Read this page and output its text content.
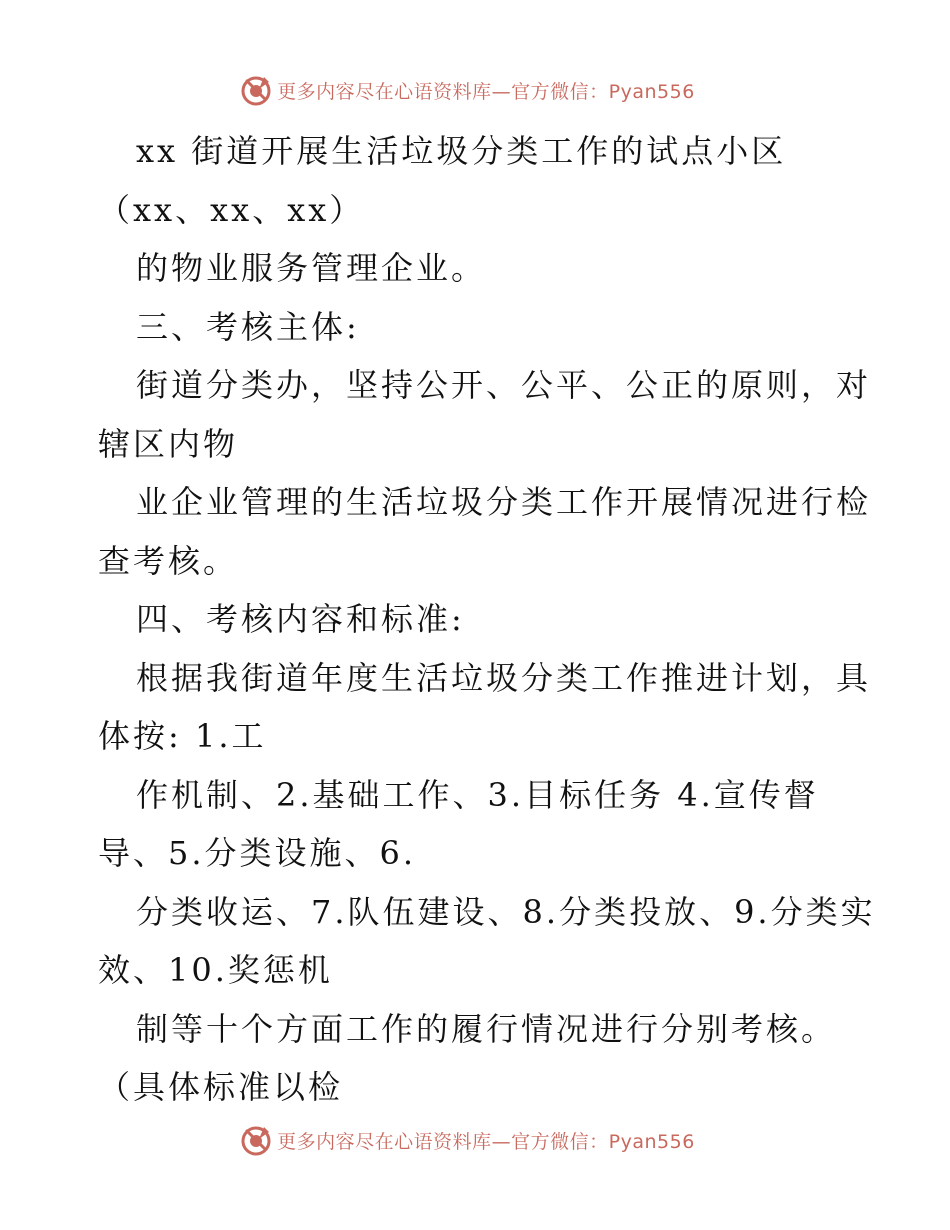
更多内容尽在心语资料库—官方微信：Pyan556
xx 街道开展生活垃圾分类工作的试点小区
（xx、xx、xx）
的物业服务管理企业。
三、考核主体:
街道分类办，坚持公开、公平、公正的原则，对
辖区内物
业企业管理的生活垃圾分类工作开展情况进行检
查考核。
四、考核内容和标准:
根据我街道年度生活垃圾分类工作推进计划，具
体按: 1.工
作机制、2.基础工作、3.目标任务 4.宣传督
导、5.分类设施、6.
分类收运、7.队伍建设、8.分类投放、9.分类实
效、10.奖惩机
制等十个方面工作的履行情况进行分别考核。
（具体标准以检
更多内容尽在心语资料库—官方微信：Pyan556
